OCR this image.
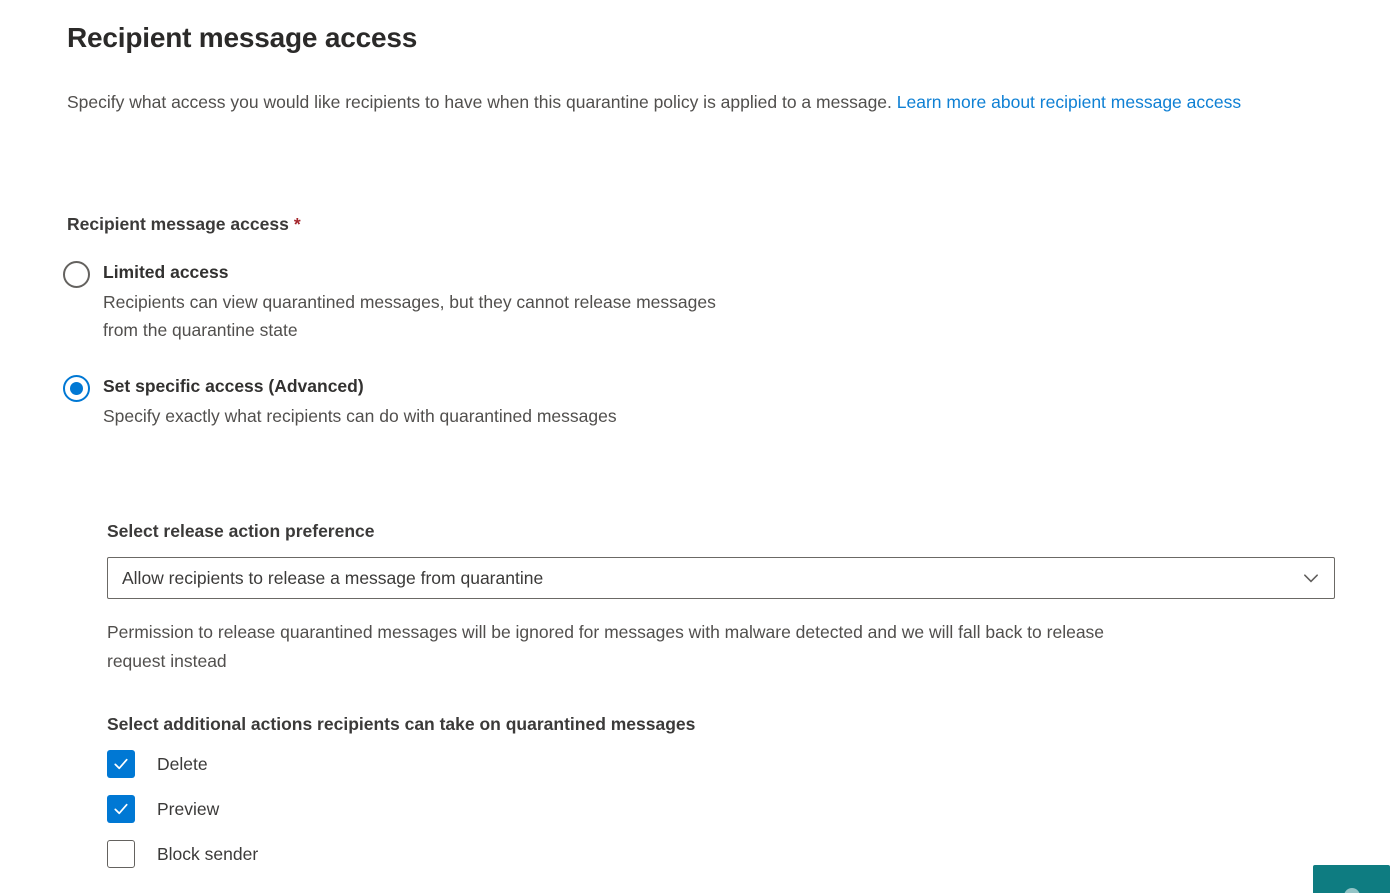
Recipient message access
Specify what access you would like recipients to have when this quarantine policy is applied to a message. Learn more about recipient message access
Recipient message access *
Limited access
Recipients can view quarantined messages, but they cannot release messages
from the quarantine state
Set specific access (Advanced)
Specify exactly what recipients can do with quarantined messages
Select release action preference
Allow recipients to release a message from quarantine
Permission to release quarantined messages will be ignored for messages with malware detected and we will fall back to release
request instead
Select additional actions recipients can take on quarantined messages
Delete
Preview
Block sender
